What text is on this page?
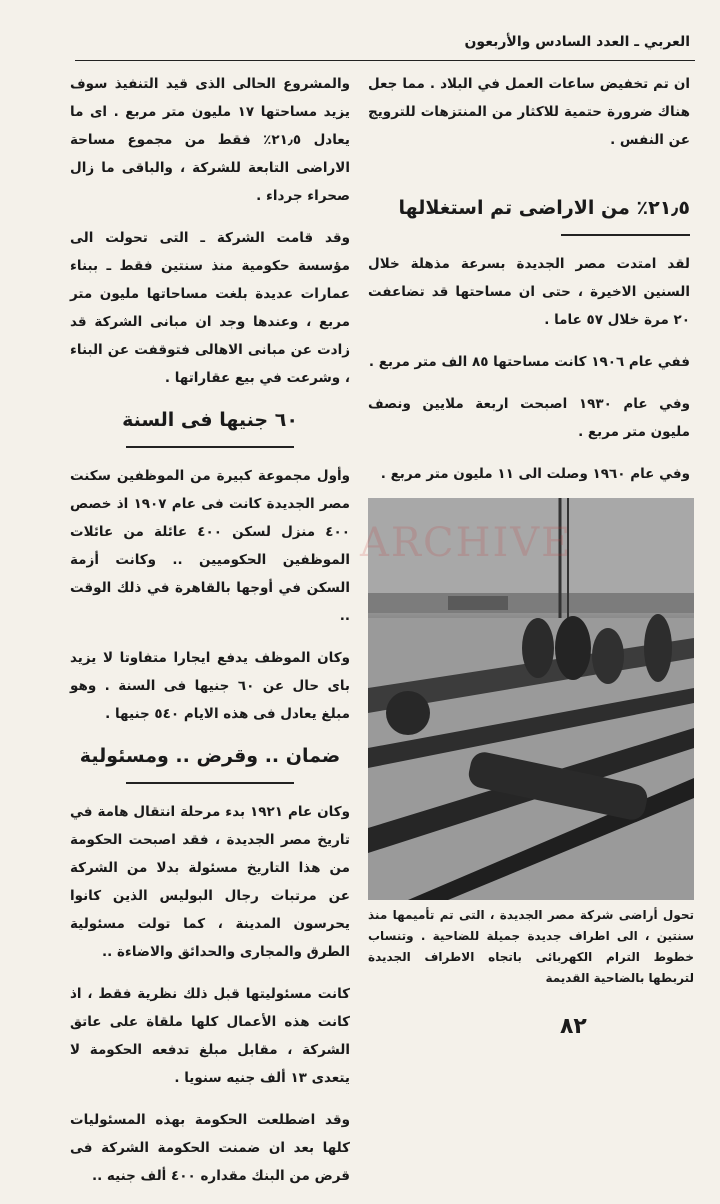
العربي ـ العدد السادس والأربعون

ان تم تخفيض ساعات العمل في البلاد . مما جعل هناك ضرورة حتمية للاكثار من المنتزهات للترويج عن النفس .

٢١٫٥٪ من الاراضى تم استغلالها

لقد امتدت مصر الجديدة بسرعة مذهلة خلال السنين الاخيرة ، حتى ان مساحتها قد تضاعفت ٢٠ مرة خلال ٥٧ عاما .

ففي عام ١٩٠٦ كانت مساحتها ٨٥ الف متر مربع .

وفي عام ١٩٣٠ اصبحت اربعة ملايين ونصف مليون متر مربع .

وفي عام ١٩٦٠ وصلت الى ١١ مليون متر مربع .

والمشروع الحالى الذى قيد التنفيذ سوف يزيد مساحتها ١٧ مليون متر مربع . اى ما يعادل ٢١٫٥٪ فقط من مجموع مساحة الاراضى التابعة للشركة ، والباقى ما زال صحراء جرداء .

وقد قامت الشركة ـ التى تحولت الى مؤسسة حكومية منذ سنتين فقط ـ ببناء عمارات عديدة بلغت مساحاتها مليون متر مربع ، وعندها وجد ان مبانى الشركة قد زادت عن مبانى الاهالى فتوقفت عن البناء ، وشرعت في بيع عقاراتها .

٦٠ جنيها فى السنة

وأول مجموعة كبيرة من الموظفين سكنت مصر الجديدة كانت فى عام ١٩٠٧ اذ خصص ٤٠٠ منزل لسكن ٤٠٠ عائلة من عائلات الموظفين الحكوميين .. وكانت أزمة السكن في أوجها بالقاهرة في ذلك الوقت ..

وكان الموظف يدفع ايجارا متفاوتا لا يزيد باى حال عن ٦٠ جنيها فى السنة . وهو مبلغ يعادل فى هذه الايام ٥٤٠ جنيها .

ضمان .. وقرض .. ومسئولية

وكان عام ١٩٢١ بدء مرحلة انتقال هامة في تاريخ مصر الجديدة ، فقد اصبحت الحكومة من هذا التاريخ مسئولة بدلا من الشركة عن مرتبات رجال البوليس الذين كانوا يحرسون المدينة ، كما تولت مسئولية الطرق والمجارى والحدائق والاضاءة ..

كانت مسئوليتها قبل ذلك نظرية فقط ، اذ كانت هذه الأعمال كلها ملقاة على عاتق الشركة ، مقابل مبلغ تدفعه الحكومة لا يتعدى ١٣ ألف جنيه سنويا .

وقد اضطلعت الحكومة بهذه المسئوليات كلها بعد ان ضمنت الحكومة الشركة فى قرض من البنك مقداره ٤٠٠ ألف جنيه ..

تحول أراضى شركة مصر الجديدة ، التى تم تأميمها منذ سنتين ، الى اطراف جديدة جميلة للضاحية . وتنساب خطوط الترام الكهربائى باتجاه الاطراف الجديدة لتربطها بالضاحية القديمة
٨٢
